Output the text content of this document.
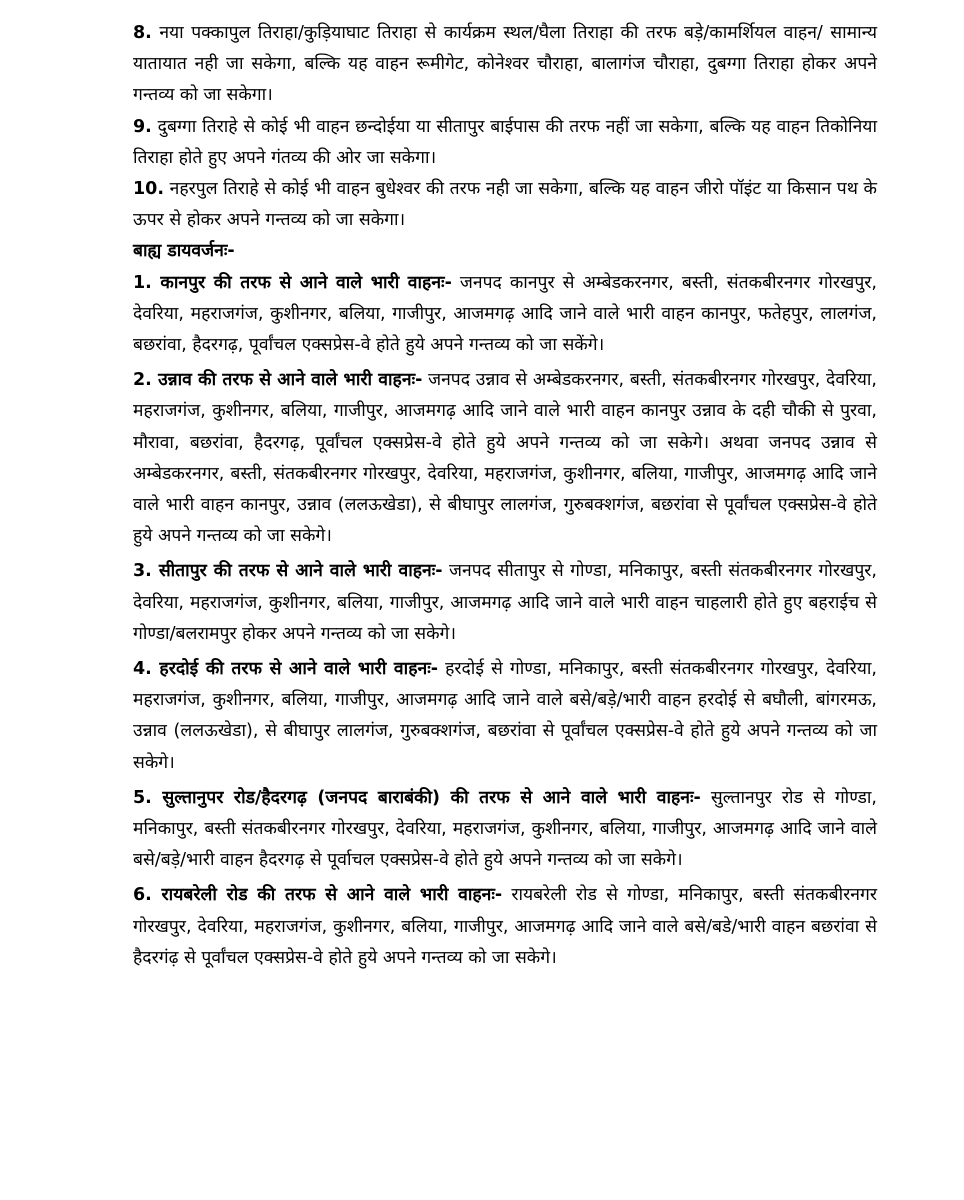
8. नया पक्कापुल तिराहा/कुड़ियाघाट तिराहा से कार्यक्रम स्थल/घैला तिराहा की तरफ बड़े/कामर्शियल वाहन/ सामान्य यातायात नही जा सकेगा, बल्कि यह वाहन रूमीगेट, कोनेश्वर चौराहा, बालागंज चौराहा, दुबग्गा तिराहा होकर अपने गन्तव्य को जा सकेगा।

9. दुबग्गा तिराहे से कोई भी वाहन छन्दोईया या सीतापुर बाईपास की तरफ नहीं जा सकेगा, बल्कि यह वाहन तिकोनिया तिराहा होते हुए अपने गंतव्य की ओर जा सकेगा।

10. नहरपुल तिराहे से कोई भी वाहन बुधेश्वर की तरफ नही जा सकेगा, बल्कि यह वाहन जीरो पॉइंट या किसान पथ के ऊपर से होकर अपने गन्तव्य को जा सकेगा।

बाह्य डायवर्जनः-

1. कानपुर की तरफ से आने वाले भारी वाहनः- जनपद कानपुर से अम्बेडकरनगर, बस्ती, संतकबीरनगर गोरखपुर, देवरिया, महराजगंज, कुशीनगर, बलिया, गाजीपुर, आजमगढ़ आदि जाने वाले भारी वाहन कानपुर, फतेहपुर, लालगंज, बछरांवा, हैदरगढ़, पूर्वांचल एक्सप्रेस-वे होते हुये अपने गन्तव्य को जा सकेंगे।

2. उन्नाव की तरफ से आने वाले भारी वाहनः- जनपद उन्नाव से अम्बेडकरनगर, बस्ती, संतकबीरनगर गोरखपुर, देवरिया, महराजगंज, कुशीनगर, बलिया, गाजीपुर, आजमगढ़ आदि जाने वाले भारी वाहन कानपुर उन्नाव के दही चौकी से पुरवा, मौरावा, बछरांवा, हैदरगढ़, पूर्वांचल एक्सप्रेस-वे होते हुये अपने गन्तव्य को जा सकेगे। अथवा जनपद उन्नाव से अम्बेडकरनगर, बस्ती, संतकबीरनगर गोरखपुर, देवरिया, महराजगंज, कुशीनगर, बलिया, गाजीपुर, आजमगढ़ आदि जाने वाले भारी वाहन कानपुर, उन्नाव (ललऊखेडा), से बीघापुर लालगंज, गुरुबक्शगंज, बछरांवा से पूर्वांचल एक्सप्रेस-वे होते हुये अपने गन्तव्य को जा सकेगे।

3. सीतापुर की तरफ से आने वाले भारी वाहनः- जनपद सीतापुर से गोण्डा, मनिकापुर, बस्ती संतकबीरनगर गोरखपुर, देवरिया, महराजगंज, कुशीनगर, बलिया, गाजीपुर, आजमगढ़ आदि जाने वाले भारी वाहन चाहलारी होते हुए बहराईच से गोण्डा/बलरामपुर होकर अपने गन्तव्य को जा सकेगे।

4. हरदोई की तरफ से आने वाले भारी वाहनः- हरदोई से गोण्डा, मनिकापुर, बस्ती संतकबीरनगर गोरखपुर, देवरिया, महराजगंज, कुशीनगर, बलिया, गाजीपुर, आजमगढ़ आदि जाने वाले बसे/बड़े/भारी वाहन हरदोई से बघौली, बांगरमऊ, उन्नाव (ललऊखेडा), से बीघापुर लालगंज, गुरुबक्शगंज, बछरांवा से पूर्वांचल एक्सप्रेस-वे होते हुये अपने गन्तव्य को जा सकेगे।

5. सुल्तानुपर रोड/हैदरगढ़ (जनपद बाराबंकी) की तरफ से आने वाले भारी वाहनः- सुल्तानपुर रोड से गोण्डा, मनिकापुर, बस्ती संतकबीरनगर गोरखपुर, देवरिया, महराजगंज, कुशीनगर, बलिया, गाजीपुर, आजमगढ़ आदि जाने वाले बसे/बड़े/भारी वाहन हैदरगढ़ से पूर्वाचल एक्सप्रेस-वे होते हुये अपने गन्तव्य को जा सकेगे।

6. रायबरेली रोड की तरफ से आने वाले भारी वाहनः- रायबरेली रोड से गोण्डा, मनिकापुर, बस्ती संतकबीरनगर गोरखपुर, देवरिया, महराजगंज, कुशीनगर, बलिया, गाजीपुर, आजमगढ़ आदि जाने वाले बसे/बडे/भारी वाहन बछरांवा से हैदरगंढ़ से पूर्वांचल एक्सप्रेस-वे होते हुये अपने गन्तव्य को जा सकेगे।
